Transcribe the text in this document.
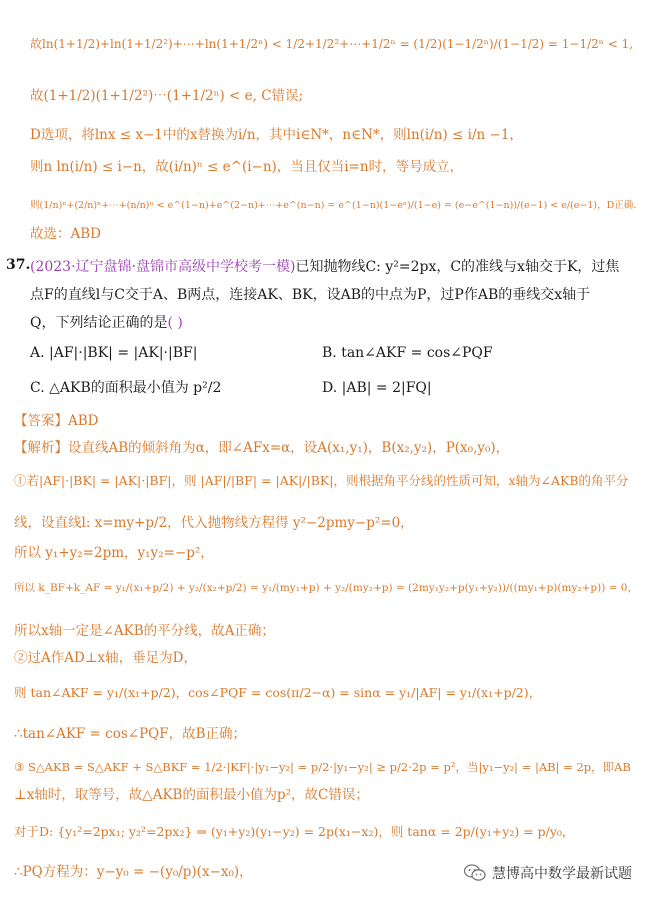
故ln(1+1/2)+ln(1+1/2²)+⋯+ln(1+1/2ⁿ) < 1/2+1/2²+⋯+1/2ⁿ = (1/2)(1−1/2ⁿ)/(1−1/2) = 1−1/2ⁿ < 1,
故(1+1/2)(1+1/2²)⋯(1+1/2ⁿ) < e, C错误;
D选项，将lnx ≤ x−1中的x替换为i/n，其中i∈N*，n∈N*，则ln(i/n) ≤ i/n −1，
则n ln(i/n) ≤ i−n，故(i/n)ⁿ ≤ e^(i−n)，当且仅当i=n时，等号成立，
则(1/n)ⁿ+(2/n)ⁿ+⋯+(n/n)ⁿ < e^(1−n)+e^(2−n)+⋯+e^(n−n) = e^(1−n)(1−eⁿ)/(1−e) = (e−e^(1−n))/(e−1) < e/(e−1)，D正确.
故选：ABD
37. (2023·辽宁盘锦·盘锦市高级中学校考一模)已知抛物线C: y²=2px，C的准线与x轴交于K，过焦
点F的直线l与C交于A、B两点，连接AK、BK，设AB的中点为P，过P作AB的垂线交x轴于
Q，下列结论正确的是( )
A. |AF|·|BK| = |AK|·|BF|	B. tan∠AKF = cos∠PQF
C. △AKB的面积最小值为 p²/2	D. |AB| = 2|FQ|
【答案】ABD
【解析】设直线AB的倾斜角为α，即∠AFx=α，设A(x₁,y₁)，B(x₂,y₂)，P(x₀,y₀)，
①若|AF|·|BK| = |AK|·|BF|，则 |AF|/|BF| = |AK|/|BK|，则根据角平分线的性质可知，x轴为∠AKB的角平分
线，设直线l: x=my+p/2，代入抛物线方程得 y²−2pmy−p²=0，
所以 y₁+y₂=2pm，y₁y₂=−p²，
所以 k_BF+k_AF = y₁/(x₁+p/2) + y₂/(x₂+p/2) = y₁/(my₁+p) + y₂/(my₂+p) = (2my₁y₂+p(y₁+y₂))/((my₁+p)(my₂+p)) = 0，
所以x轴一定是∠AKB的平分线，故A正确；
②过A作AD⊥x轴，垂足为D，
则 tan∠AKF = y₁/(x₁+p/2)，cos∠PQF = cos(π/2−α) = sinα = y₁/|AF| = y₁/(x₁+p/2)，
∴tan∠AKF = cos∠PQF，故B正确；
③ S△AKB = S△AKF + S△BKF = 1/2·|KF|·|y₁−y₂| = p/2·|y₁−y₂| ≥ p/2·2p = p²，当|y₁−y₂| = |AB| = 2p，即AB
⊥x轴时，取等号，故△AKB的面积最小值为p²，故C错误；
对于D: {y₁²=2px₁; y₂²=2px₂} ⇒ (y₁+y₂)(y₁−y₂) = 2p(x₁−x₂)，则 tanα = 2p/(y₁+y₂) = p/y₀，
∴PQ方程为：y−y₀ = −(y₀/p)(x−x₀)，	慧博高中数学最新试题
